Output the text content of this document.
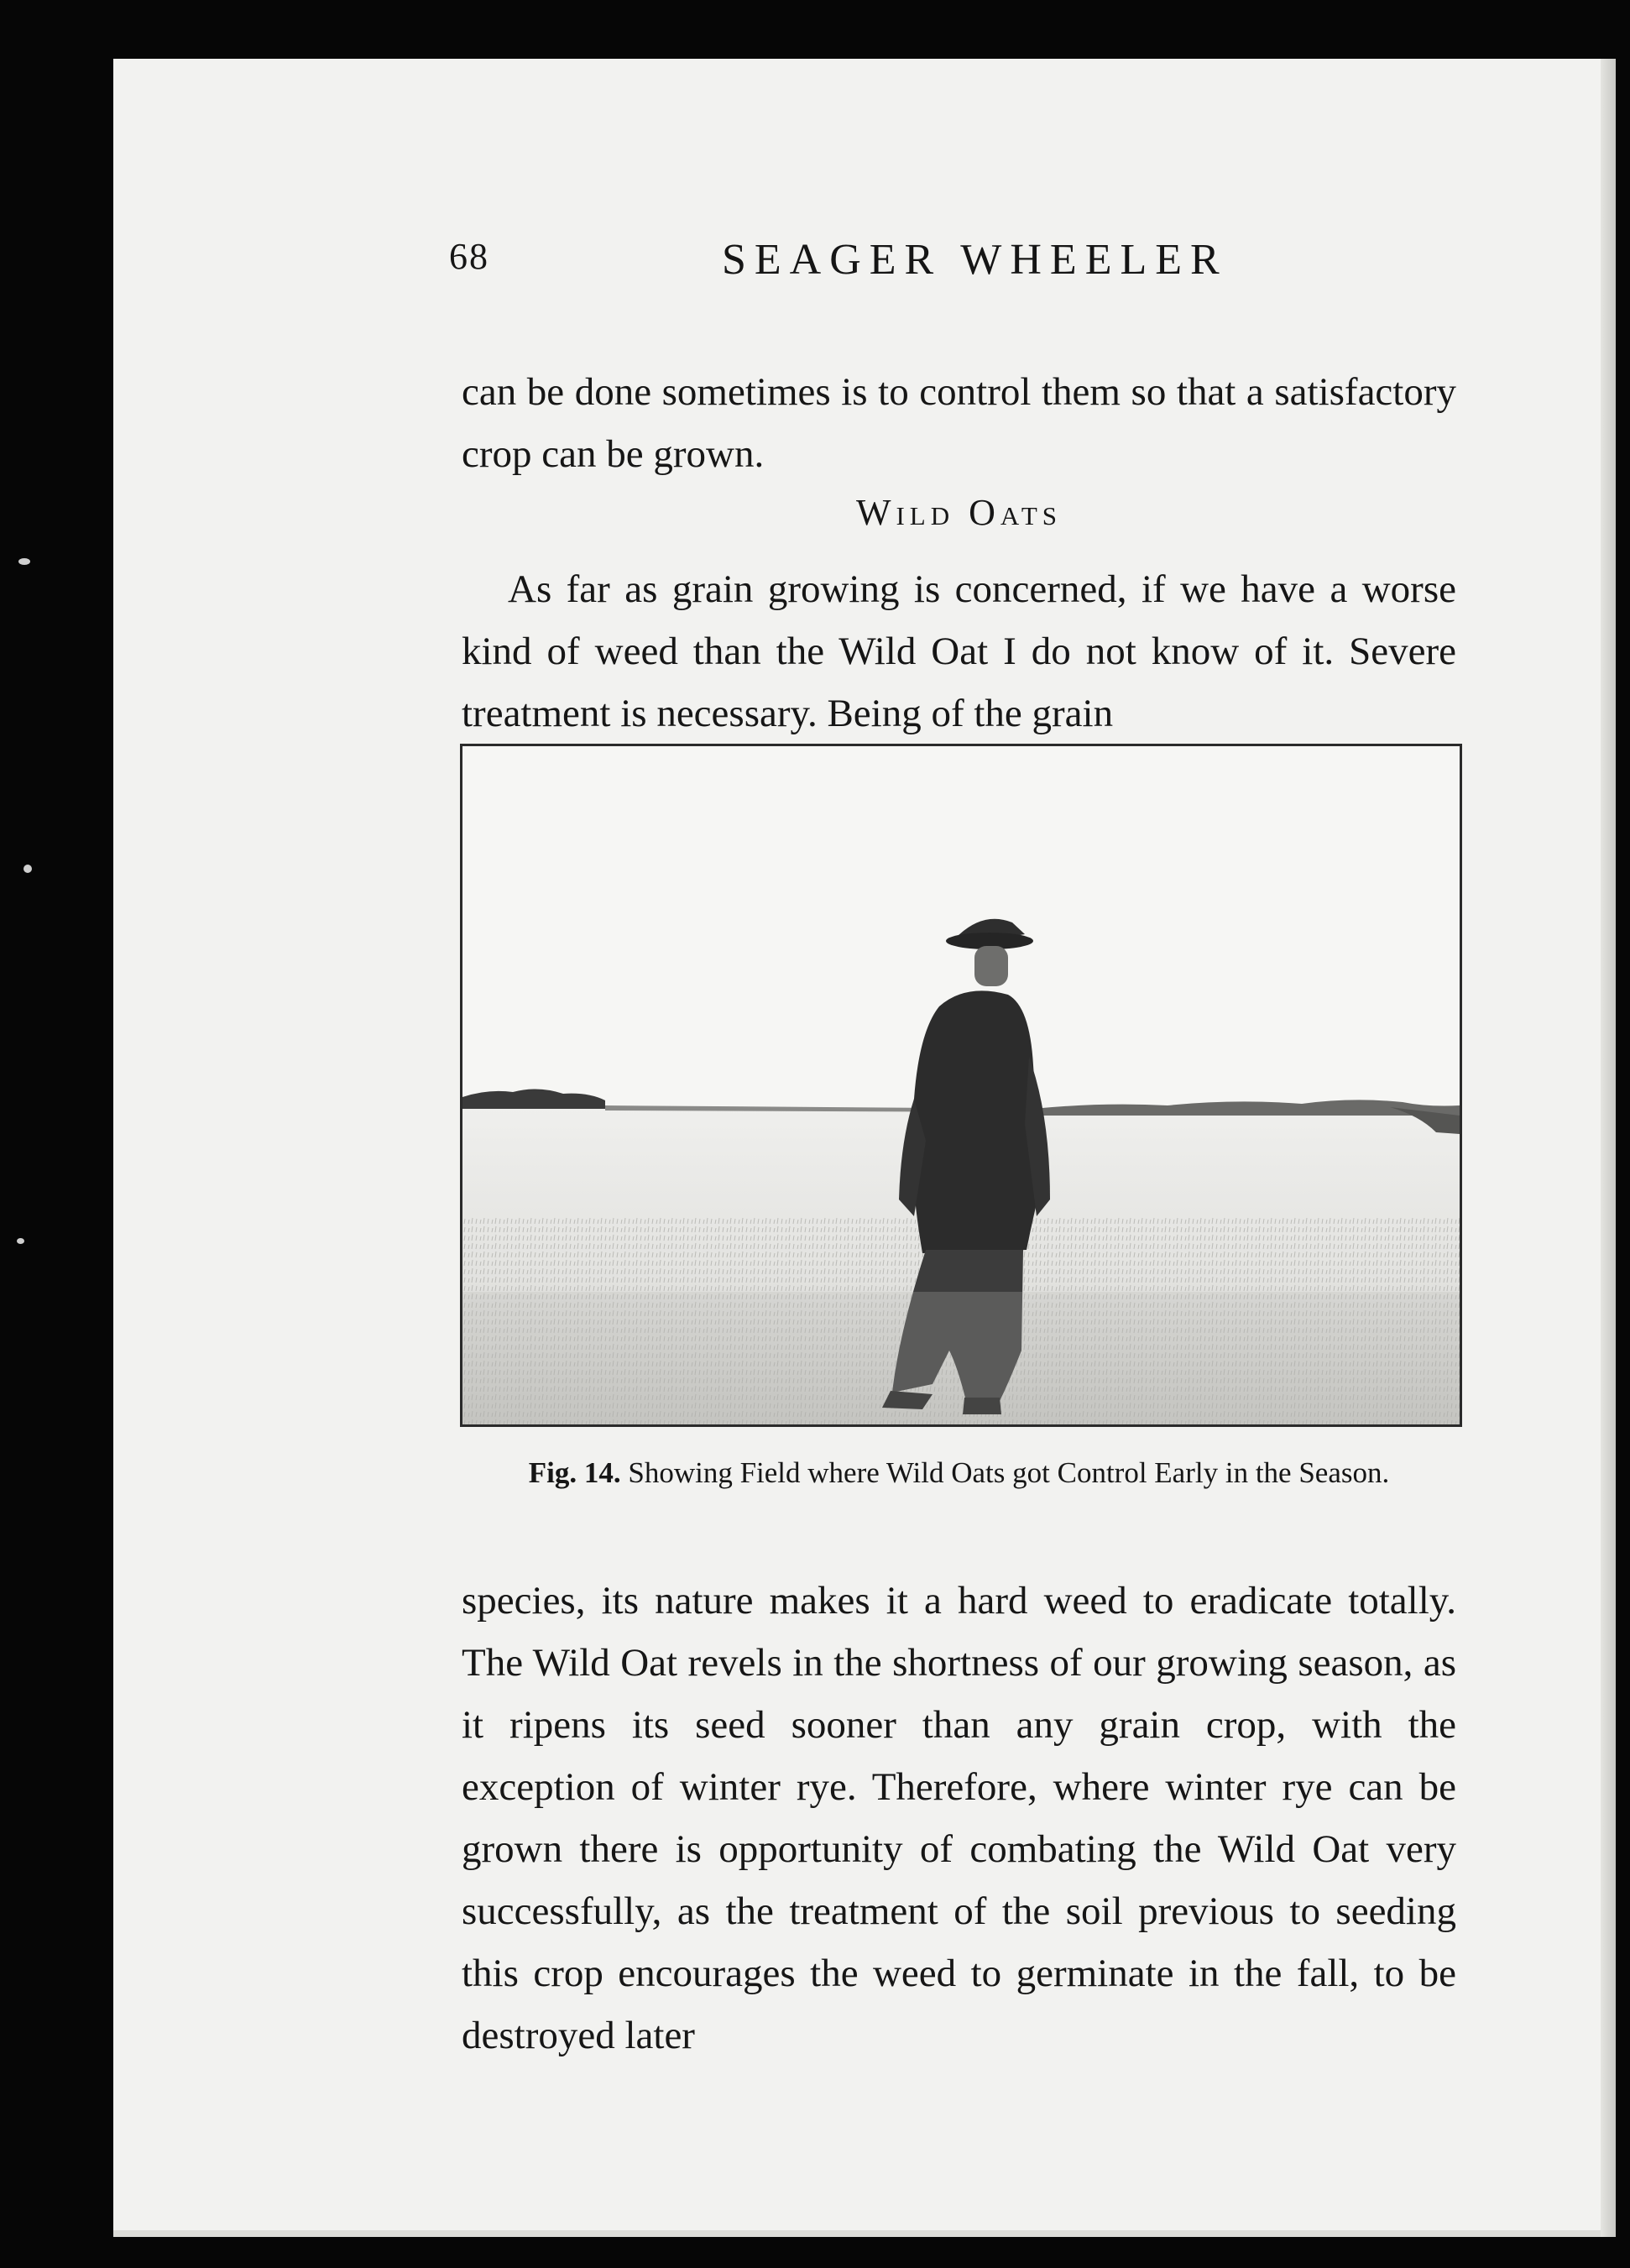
68	SEAGER WHEELER

can be done sometimes is to control them so that a satisfactory crop can be grown.

Wild Oats

As far as grain growing is concerned, if we have a worse kind of weed than the Wild Oat I do not know of it. Severe treatment is necessary. Being of the grain

Fig. 14. Showing Field where Wild Oats got Control Early in the Season.

species, its nature makes it a hard weed to eradicate totally. The Wild Oat revels in the shortness of our growing season, as it ripens its seed sooner than any grain crop, with the exception of winter rye. Therefore, where winter rye can be grown there is opportunity of combating the Wild Oat very successfully, as the treatment of the soil previous to seeding this crop encourages the weed to germinate in the fall, to be destroyed later
